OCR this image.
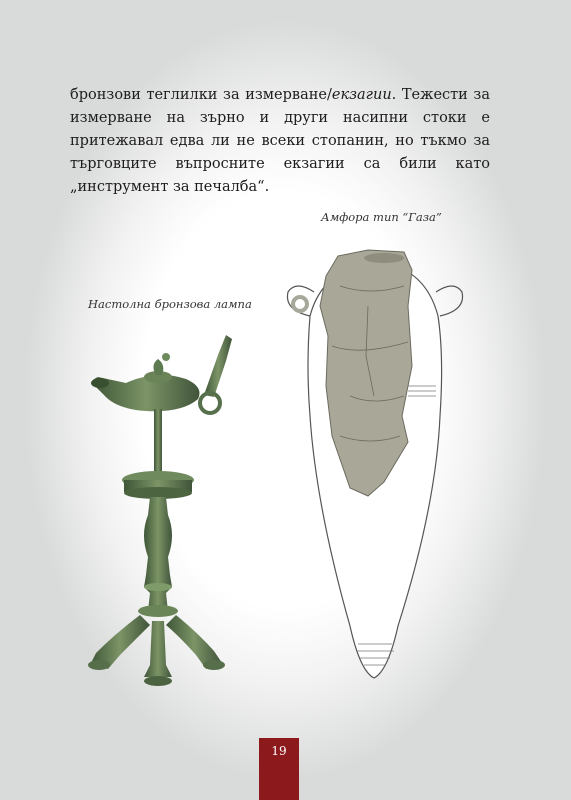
бронзови теглилки за измерване/екзагии. Тежести за измерване на зърно и други насипни стоки е притежавал едва ли не всеки стопанин, но тъкмо за търговците въпросните екзагии са били като „инструмент за печалба“.

Амфора тип “Газа”
Настолна бронзова лампа
19
